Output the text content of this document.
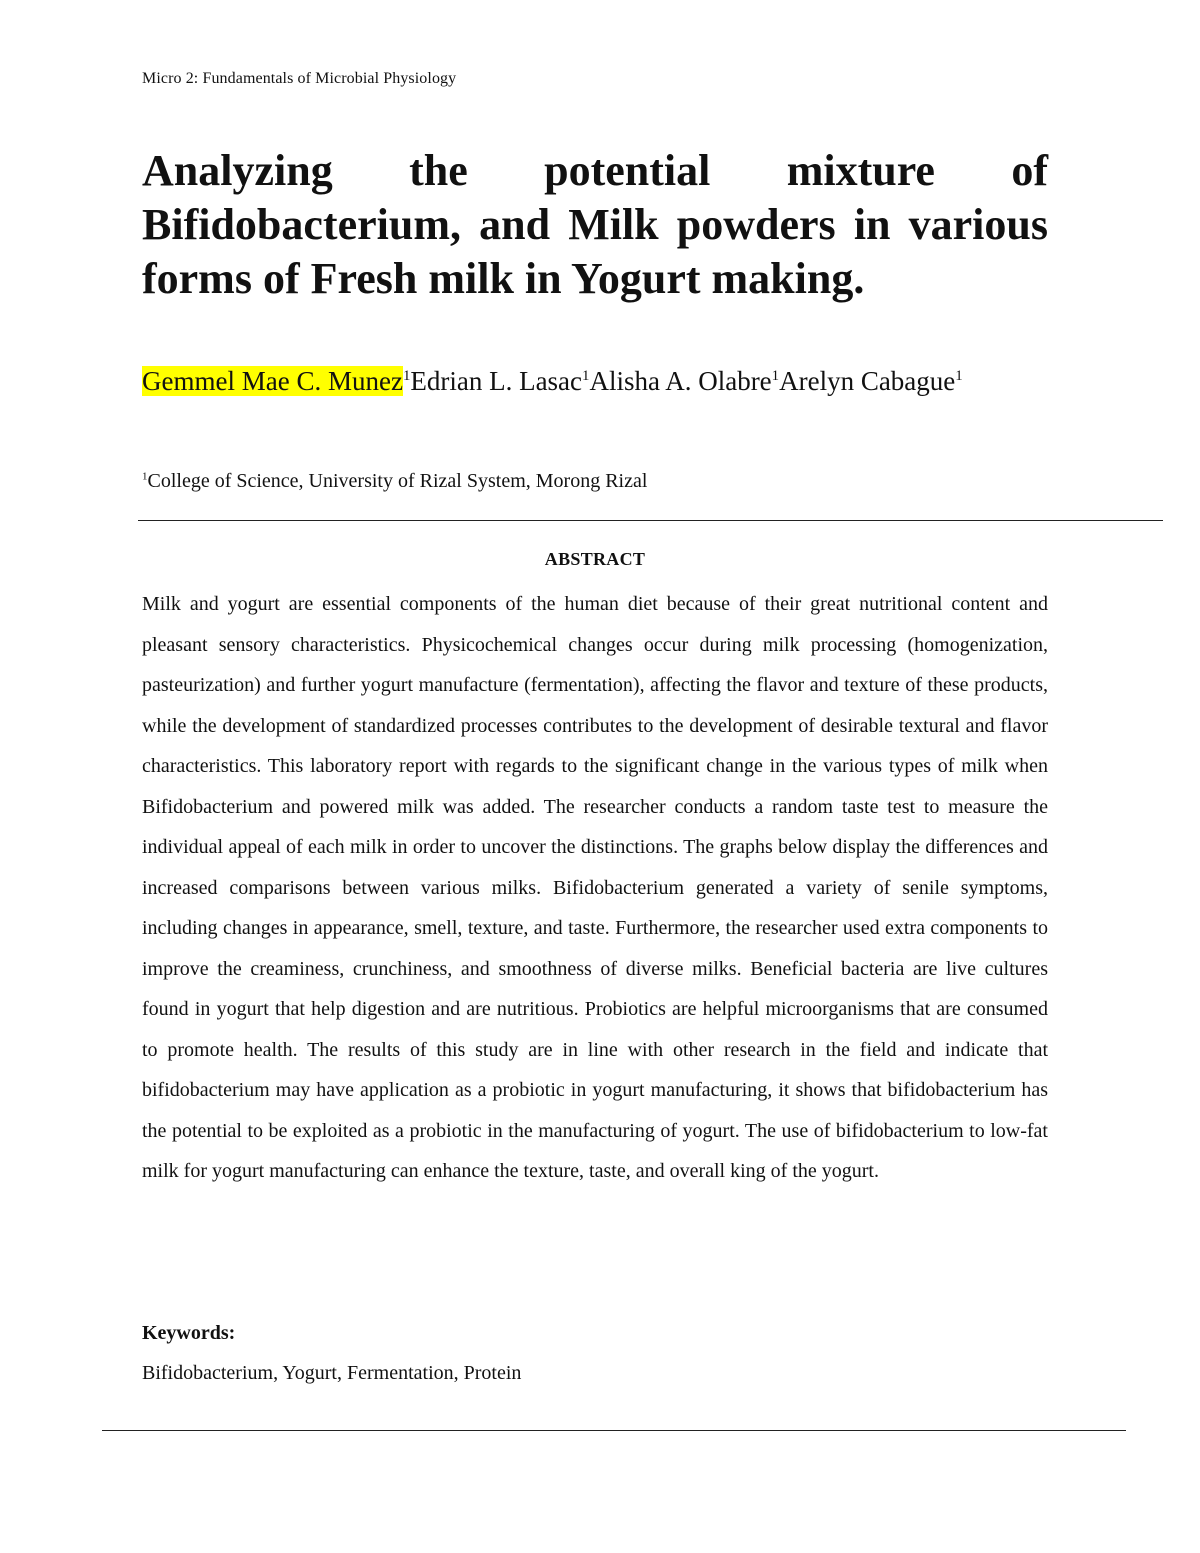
Micro 2: Fundamentals of Microbial Physiology
Analyzing the potential mixture of Bifidobacterium, and Milk powders in various forms of Fresh milk in Yogurt making.
Gemmel Mae C. Munez$^1$Edrian L. Lasac$^1$Alisha A. Olabre$^1$Arelyn Cabague$^1$
$^1$College of Science, University of Rizal System, Morong Rizal
ABSTRACT

Milk and yogurt are essential components of the human diet because of their great nutritional content and pleasant sensory characteristics. Physicochemical changes occur during milk processing (homogenization, pasteurization) and further yogurt manufacture (fermentation), affecting the flavor and texture of these products, while the development of standardized processes contributes to the development of desirable textural and flavor characteristics. This laboratory report with regards to the significant change in the various types of milk when Bifidobacterium and powered milk was added. The researcher conducts a random taste test to measure the individual appeal of each milk in order to uncover the distinctions. The graphs below display the differences and increased comparisons between various milks. Bifidobacterium generated a variety of senile symptoms, including changes in appearance, smell, texture, and taste. Furthermore, the researcher used extra components to improve the creaminess, crunchiness, and smoothness of diverse milks. Beneficial bacteria are live cultures found in yogurt that help digestion and are nutritious. Probiotics are helpful microorganisms that are consumed to promote health. The results of this study are in line with other research in the field and indicate that bifidobacterium may have application as a probiotic in yogurt manufacturing, it shows that bifidobacterium has the potential to be exploited as a probiotic in the manufacturing of yogurt. The use of bifidobacterium to low-fat milk for yogurt manufacturing can enhance the texture, taste, and overall king of the yogurt.

Keywords:
Bifidobacterium, Yogurt, Fermentation, Protein
